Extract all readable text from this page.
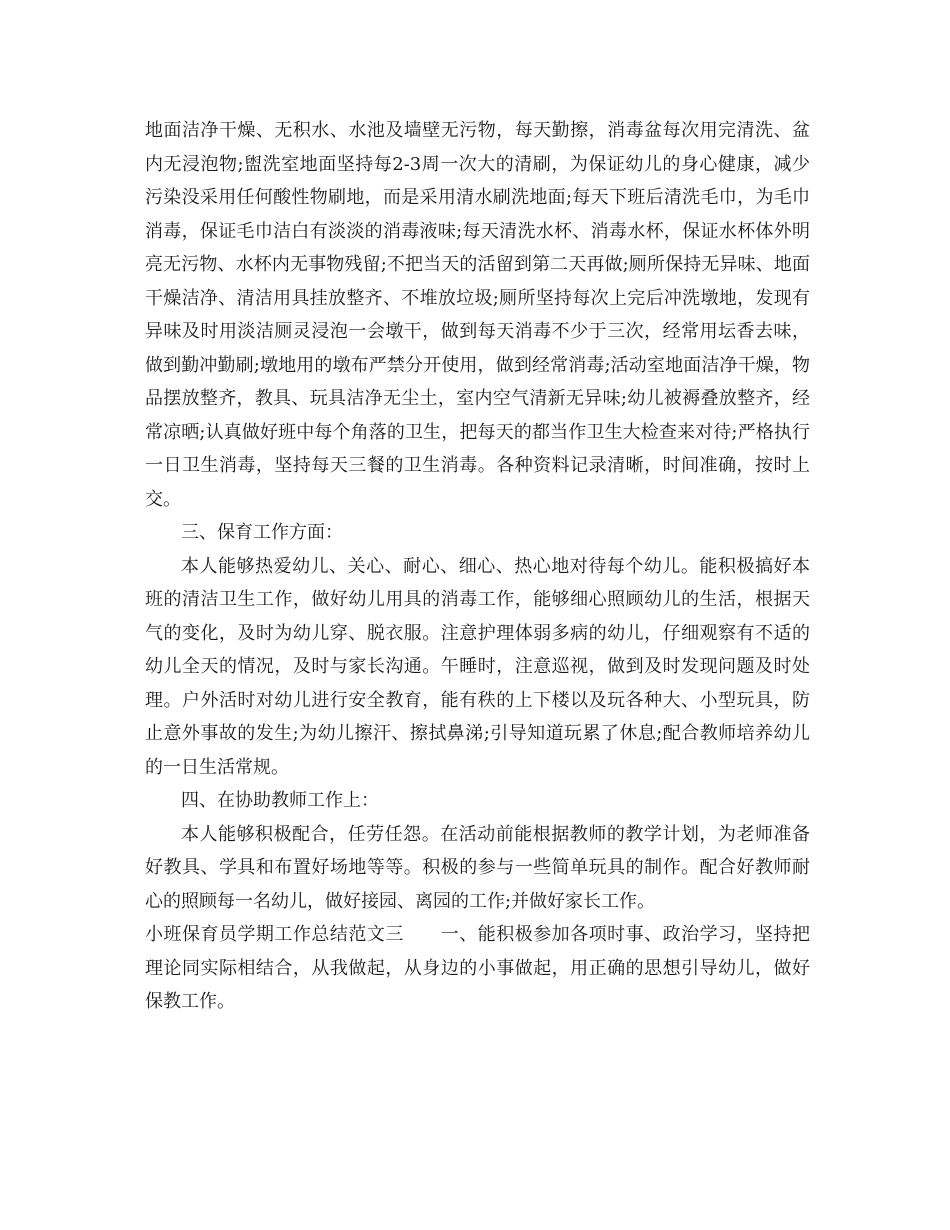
地面洁净干燥、无积水、水池及墙壁无污物，每天勤擦，消毒盆每次用完清洗、盆内无浸泡物;盥洗室地面坚持每2-3周一次大的清刷，为保证幼儿的身心健康，减少污染没采用任何酸性物刷地，而是采用清水刷洗地面;每天下班后清洗毛巾，为毛巾消毒，保证毛巾洁白有淡淡的消毒液味;每天清洗水杯、消毒水杯，保证水杯体外明亮无污物、水杯内无事物残留;不把当天的活留到第二天再做;厕所保持无异味、地面干燥洁净、清洁用具挂放整齐、不堆放垃圾;厕所坚持每次上完后冲洗墩地，发现有异味及时用淡洁厕灵浸泡一会墩干，做到每天消毒不少于三次，经常用坛香去味，做到勤冲勤刷;墩地用的墩布严禁分开使用，做到经常消毒;活动室地面洁净干燥，物品摆放整齐，教具、玩具洁净无尘土，室内空气清新无异味;幼儿被褥叠放整齐，经常凉晒;认真做好班中每个角落的卫生，把每天的都当作卫生大检查来对待;严格执行一日卫生消毒，坚持每天三餐的卫生消毒。各种资料记录清晰，时间准确，按时上交。

三、保育工作方面：

本人能够热爱幼儿、关心、耐心、细心、热心地对待每个幼儿。能积极搞好本班的清洁卫生工作，做好幼儿用具的消毒工作，能够细心照顾幼儿的生活，根据天气的变化，及时为幼儿穿、脱衣服。注意护理体弱多病的幼儿，仔细观察有不适的幼儿全天的情况，及时与家长沟通。午睡时，注意巡视，做到及时发现问题及时处理。户外活时对幼儿进行安全教育，能有秩的上下楼以及玩各种大、小型玩具，防止意外事故的发生;为幼儿擦汗、擦拭鼻涕;引导知道玩累了休息;配合教师培养幼儿的一日生活常规。

四、在协助教师工作上：

本人能够积极配合，任劳任怨。在活动前能根据教师的教学计划，为老师准备好教具、学具和布置好场地等等。积极的参与一些简单玩具的制作。配合好教师耐心的照顾每一名幼儿，做好接园、离园的工作;并做好家长工作。

小班保育员学期工作总结范文三　　一、能积极参加各项时事、政治学习，坚持把理论同实际相结合，从我做起，从身边的小事做起，用正确的思想引导幼儿，做好保教工作。
